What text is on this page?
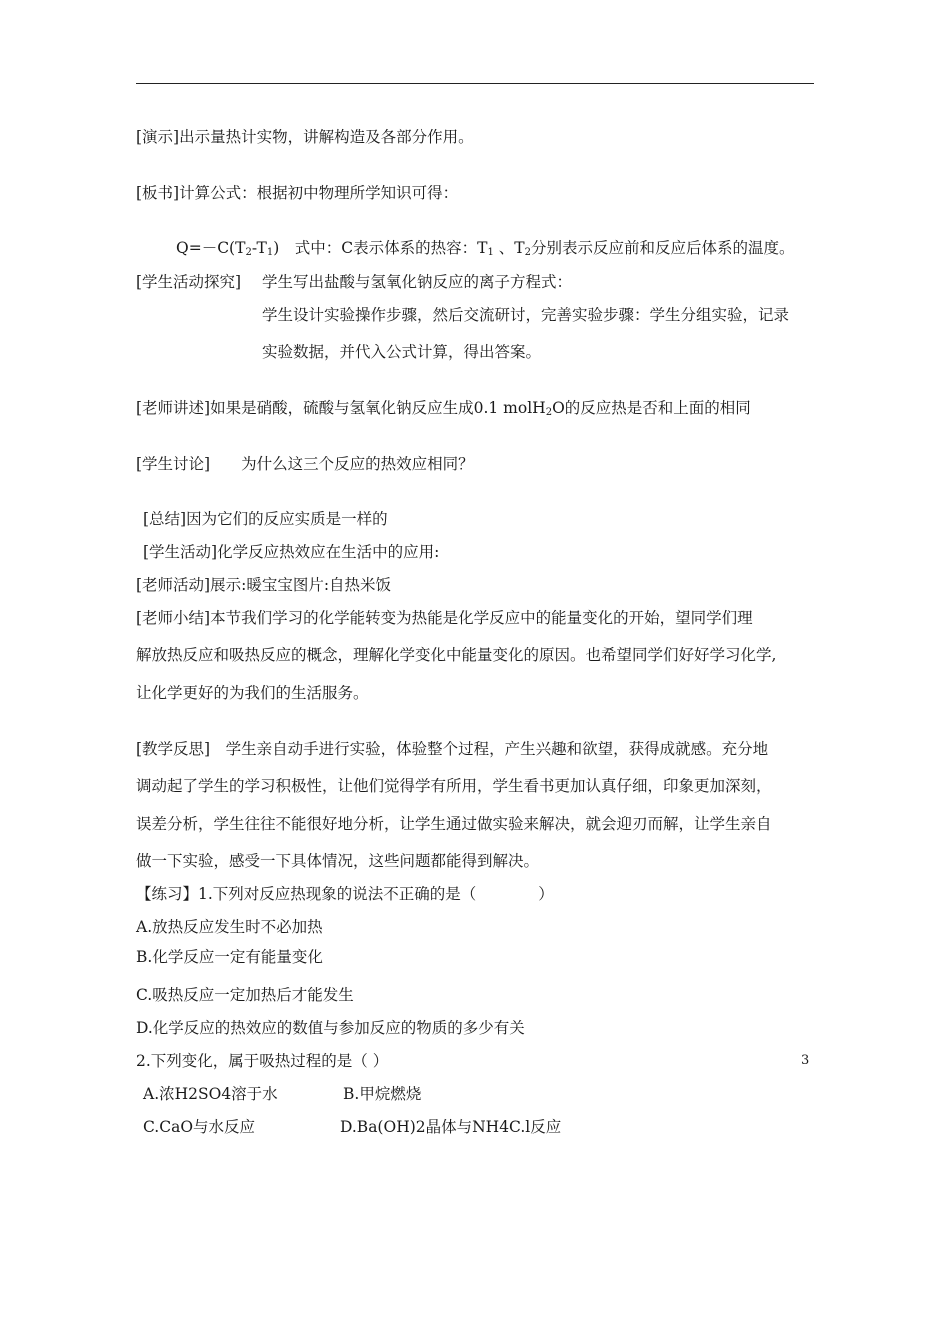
[演示]出示量热计实物，讲解构造及各部分作用。
[板书]计算公式：根据初中物理所学知识可得：
$Q=-C(T_2-T_1)$　式中：C表示体系的热容：$T_1$ 、$T_2$分别表示反应前和反应后体系的温度。
[学生活动探究] 学生写出盐酸与氢氧化钠反应的离子方程式：
学生设计实验操作步骤，然后交流研讨，完善实验步骤：学生分组实验，记录
实验数据，并代入公式计算，得出答案。
[老师讲述]如果是硝酸，硫酸与氢氧化钠反应生成0.1 molH$_2$O的反应热是否和上面的相同
[学生讨论]　　为什么这三个反应的热效应相同？
[总结]因为它们的反应实质是一样的
[学生活动]化学反应热效应在生活中的应用:
[老师活动]展示:暖宝宝图片:自热米饭
[老师小结]本节我们学习的化学能转变为热能是化学反应中的能量变化的开始，望同学们理
解放热反应和吸热反应的概念，理解化学变化中能量变化的原因。也希望同学们好好学习化学,
让化学更好的为我们的生活服务。
[教学反思]　学生亲自动手进行实验，体验整个过程，产生兴趣和欲望，获得成就感。充分地
调动起了学生的学习积极性，让他们觉得学有所用，学生看书更加认真仔细，印象更加深刻，
误差分析，学生往往不能很好地分析，让学生通过做实验来解决，就会迎刃而解，让学生亲自
做一下实验，感受一下具体情况，这些问题都能得到解决。
【练习】1.下列对反应热现象的说法不正确的是（　　　　）
A.放热反应发生时不必加热
B.化学反应一定有能量变化
C.吸热反应一定加热后才能发生
D.化学反应的热效应的数值与参加反应的物质的多少有关
2.下列变化，属于吸热过程的是（ ）
A.浓H2SO4溶于水	B.甲烷燃烧
C.CaO与水反应	D.Ba(OH)2晶体与NH4C.l反应
3
